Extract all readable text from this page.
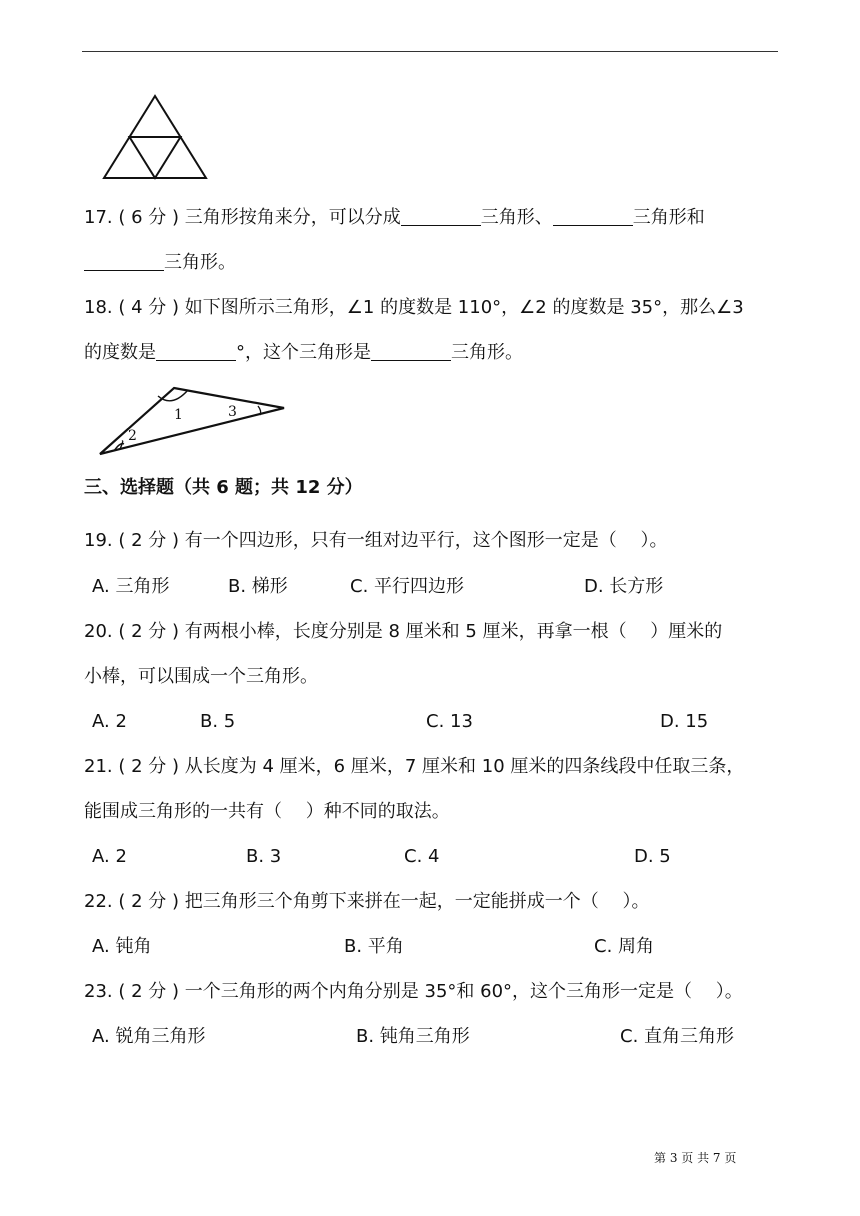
17. ( 6 分 ) 三角形按角来分，可以分成	三角形、	三角形和
三角形。
18. ( 4 分 ) 如下图所示三角形，∠1 的度数是 110°，∠2 的度数是 35°，那么∠3
的度数是	°，这个三角形是	三角形。
1
2
3
三、选择题（共 6 题；共 12 分）
19. ( 2 分 ) 有一个四边形，只有一组对边平行，这个图形一定是（　 ）。
A. 三角形	B. 梯形	C. 平行四边形	D. 长方形
20. ( 2 分 ) 有两根小棒，长度分别是 8 厘米和 5 厘米，再拿一根（　 ）厘米的
小棒，可以围成一个三角形。
A. 2	B. 5	C. 13	D. 15
21. ( 2 分 ) 从长度为 4 厘米，6 厘米，7 厘米和 10 厘米的四条线段中任取三条，
能围成三角形的一共有（　 ）种不同的取法。
A. 2	B. 3	C. 4	D. 5
22. ( 2 分 ) 把三角形三个角剪下来拼在一起，一定能拼成一个（　 ）。
A. 钝角	B. 平角	C. 周角
23. ( 2 分 ) 一个三角形的两个内角分别是 35°和 60°，这个三角形一定是（　 ）。
A. 锐角三角形	B. 钝角三角形	C. 直角三角形
第 3 页 共 7 页
